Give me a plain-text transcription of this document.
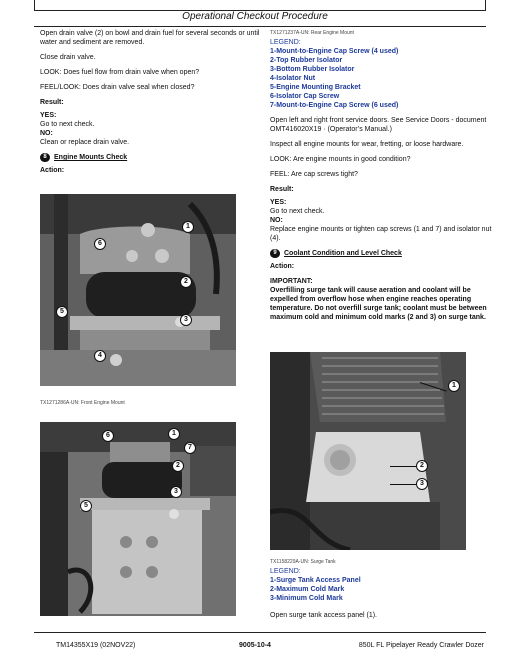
Operational Checkout Procedure
Open drain valve (2) on bowl and drain fuel for several seconds or until water and sediment are removed.
Close drain valve.
LOOK: Does fuel flow from drain valve when open?
FEEL/LOOK: Does drain valve seal when closed?
Result:
YES:
Go to next check.
NO:
Clean or replace drain valve.
8	Engine Mounts Check
Action:
1
6
2
5
3
4
TX1271286A-UN: Front Engine Mount
1
6
7
2
5
3
TX1271237A-UN: Rear Engine Mount
LEGEND:
1-Mount-to-Engine Cap Screw (4 used)
2-Top Rubber Isolator
3-Bottom Rubber Isolator
4-Isolator Nut
5-Engine Mounting Bracket
6-Isolator Cap Screw
7-Mount-to-Engine Cap Screw (6 used)
Open left and right front service doors. See Service Doors - document OMT416020X19 · (Operator’s Manual.)
Inspect all engine mounts for wear, fretting, or loose hardware.
LOOK: Are engine mounts in good condition?
FEEL: Are cap screws tight?
Result:
YES:
Go to next check.
NO:
Replace engine mounts or tighten cap screws (1 and 7) and isolator nut (4).
9	Coolant Condition and Level Check
Action:
IMPORTANT:
Overfilling surge tank will cause aeration and coolant will be expelled from overflow hose when engine reaches operating temperature. Do not overfill surge tank; coolant must be between maximum cold and minimum cold marks (2 and 3) on surge tank.
1
2
3
TX1158229A-UN: Surge Tank
LEGEND:
1-Surge Tank Access Panel
2-Maximum Cold Mark
3-Minimum Cold Mark
Open surge tank access panel (1).
TM14355X19 (02NOV22)	9005-10-4	850L FL Pipelayer Ready Crawler Dozer
